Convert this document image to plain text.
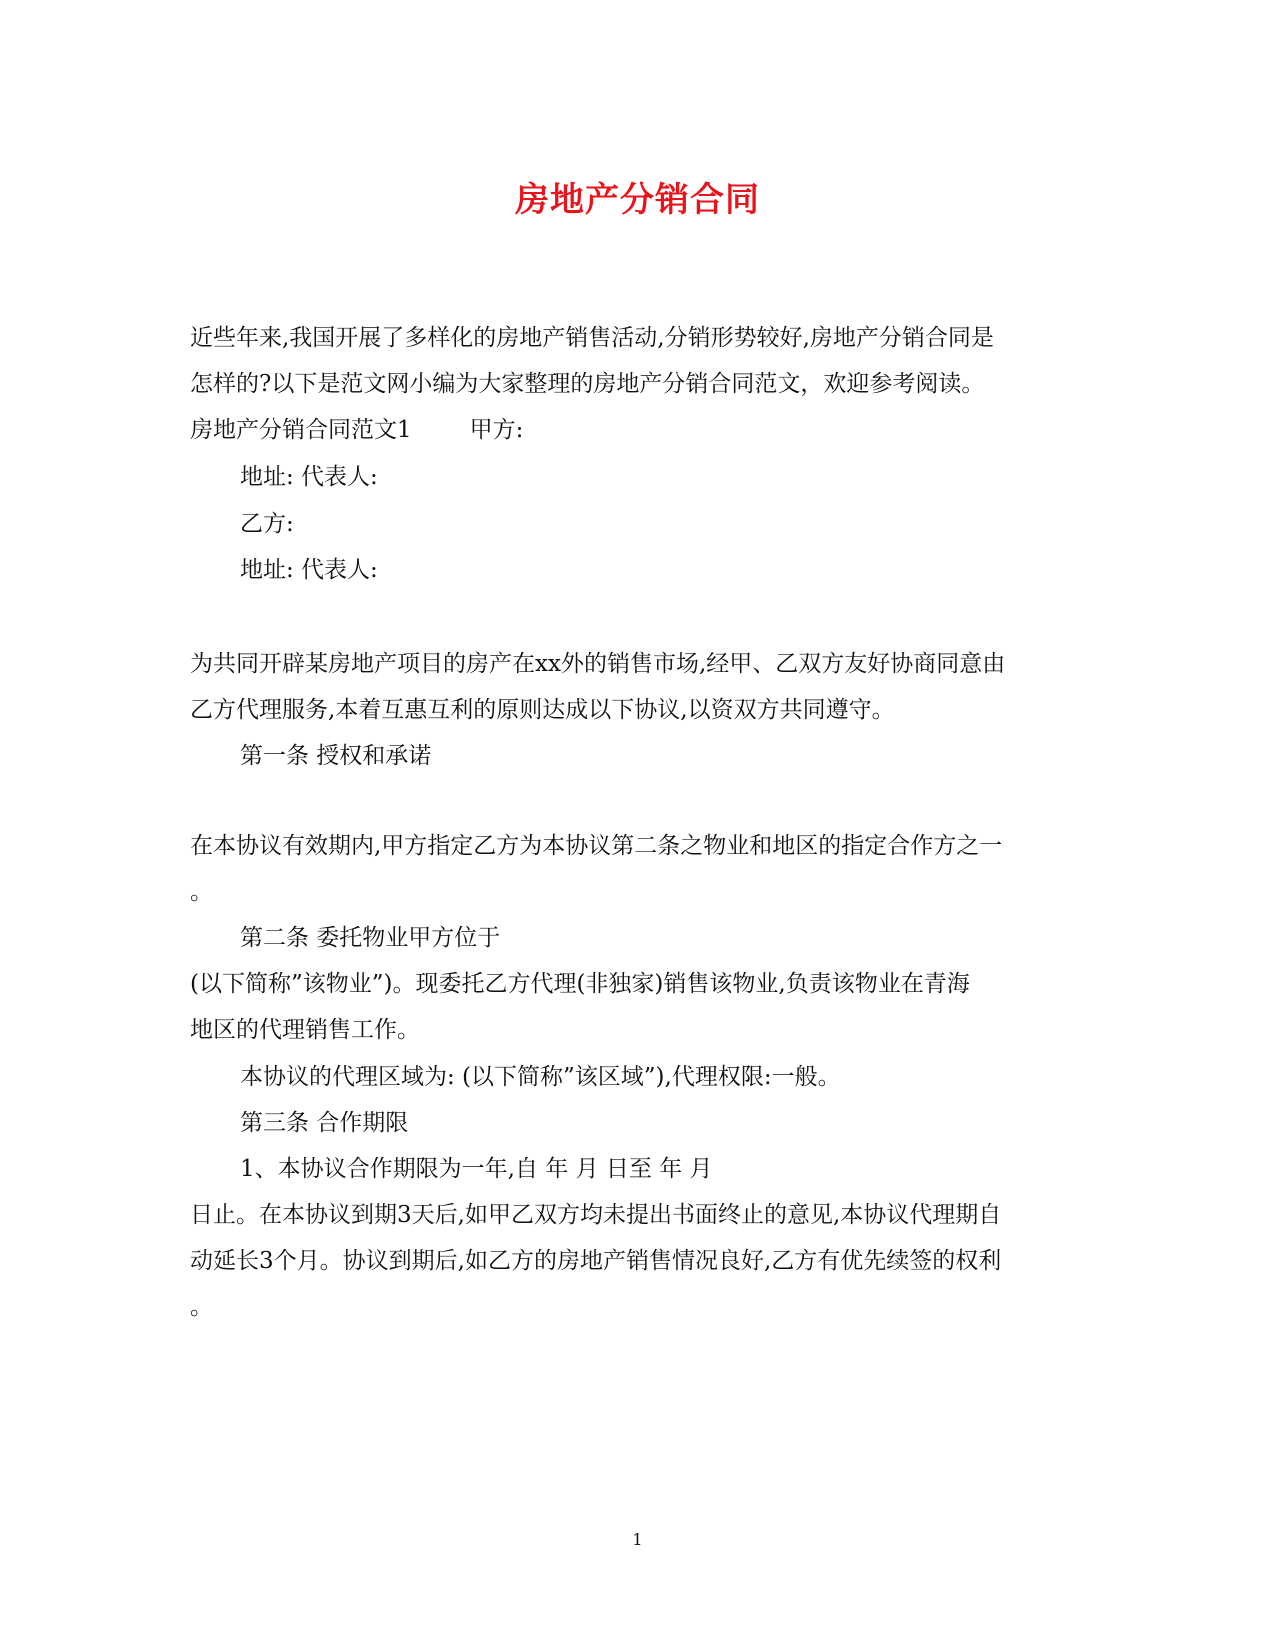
房地产分销合同
近些年来,我国开展了多样化的房地产销售活动,分销形势较好,房地产分销合同是
怎样的?以下是范文网小编为大家整理的房地产分销合同范文，欢迎参考阅读。
房地产分销合同范文1	甲方:
地址: 代表人:
乙方:
地址: 代表人:
为共同开辟某房地产项目的房产在xx外的销售市场,经甲、乙双方友好协商同意由
乙方代理服务,本着互惠互利的原则达成以下协议,以资双方共同遵守。
第一条 授权和承诺
在本协议有效期内,甲方指定乙方为本协议第二条之物业和地区的指定合作方之一
。
第二条 委托物业甲方位于
(以下简称”该物业”)。现委托乙方代理(非独家)销售该物业,负责该物业在青海
地区的代理销售工作。
本协议的代理区域为: (以下简称”该区域”),代理权限:一般。
第三条 合作期限
1、本协议合作期限为一年,自 年 月 日至 年 月
日止。在本协议到期3天后,如甲乙双方均未提出书面终止的意见,本协议代理期自
动延长3个月。协议到期后,如乙方的房地产销售情况良好,乙方有优先续签的权利
。
1
